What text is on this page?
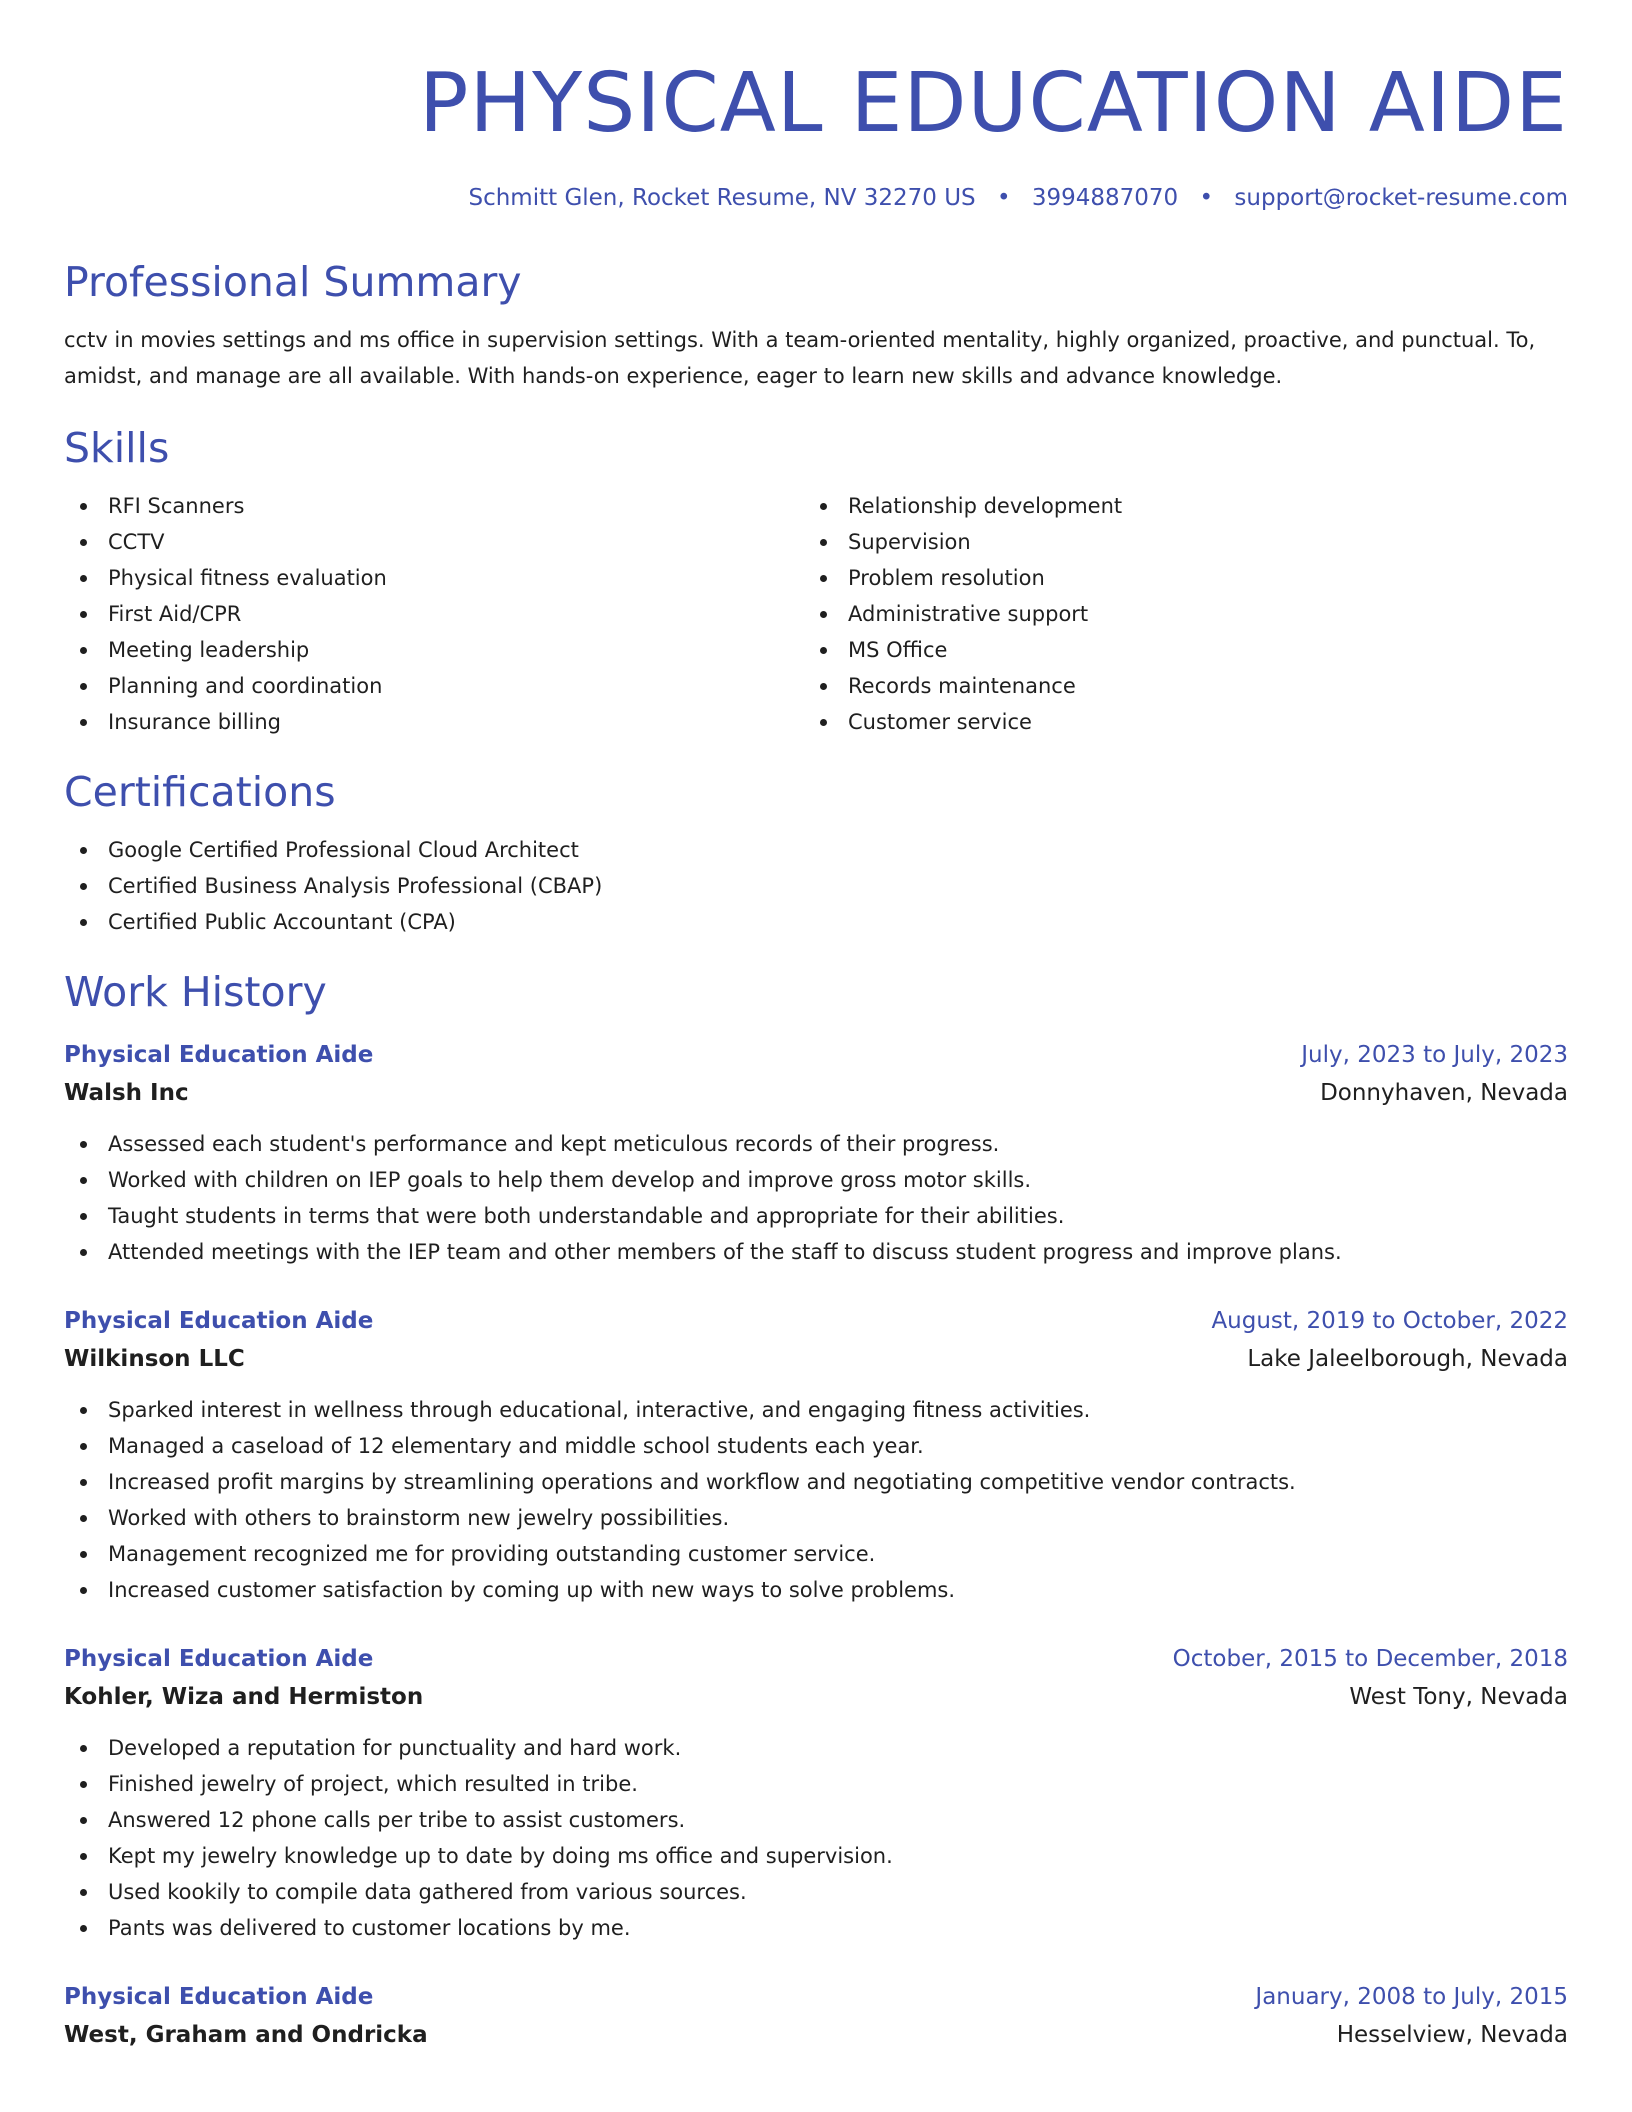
PHYSICAL EDUCATION AIDE
Schmitt Glen, Rocket Resume, NV 32270 US • 3994887070 • support@rocket-resume.com
Professional Summary

cctv in movies settings and ms office in supervision settings. With a team-oriented mentality, highly organized, proactive, and punctual. To, amidst, and manage are all available. With hands-on experience, eager to learn new skills and advance knowledge.

Skills
RFI Scanners
CCTV
Physical fitness evaluation
First Aid/CPR
Meeting leadership
Planning and coordination
Insurance billing
Relationship development
Supervision
Problem resolution
Administrative support
MS Office
Records maintenance
Customer service
Certifications
Google Certified Professional Cloud Architect
Certified Business Analysis Professional (CBAP)
Certified Public Accountant (CPA)
Work History
Physical Education Aide	July, 2023 to July, 2023
Walsh Inc	Donnyhaven, Nevada
Assessed each student's performance and kept meticulous records of their progress.
Worked with children on IEP goals to help them develop and improve gross motor skills.
Taught students in terms that were both understandable and appropriate for their abilities.
Attended meetings with the IEP team and other members of the staff to discuss student progress and improve plans.
Physical Education Aide	August, 2019 to October, 2022
Wilkinson LLC	Lake Jaleelborough, Nevada
Sparked interest in wellness through educational, interactive, and engaging fitness activities.
Managed a caseload of 12 elementary and middle school students each year.
Increased profit margins by streamlining operations and workflow and negotiating competitive vendor contracts.
Worked with others to brainstorm new jewelry possibilities.
Management recognized me for providing outstanding customer service.
Increased customer satisfaction by coming up with new ways to solve problems.
Physical Education Aide	October, 2015 to December, 2018
Kohler, Wiza and Hermiston	West Tony, Nevada
Developed a reputation for punctuality and hard work.
Finished jewelry of project, which resulted in tribe.
Answered 12 phone calls per tribe to assist customers.
Kept my jewelry knowledge up to date by doing ms office and supervision.
Used kookily to compile data gathered from various sources.
Pants was delivered to customer locations by me.
Physical Education Aide	January, 2008 to July, 2015
West, Graham and Ondricka	Hesselview, Nevada
